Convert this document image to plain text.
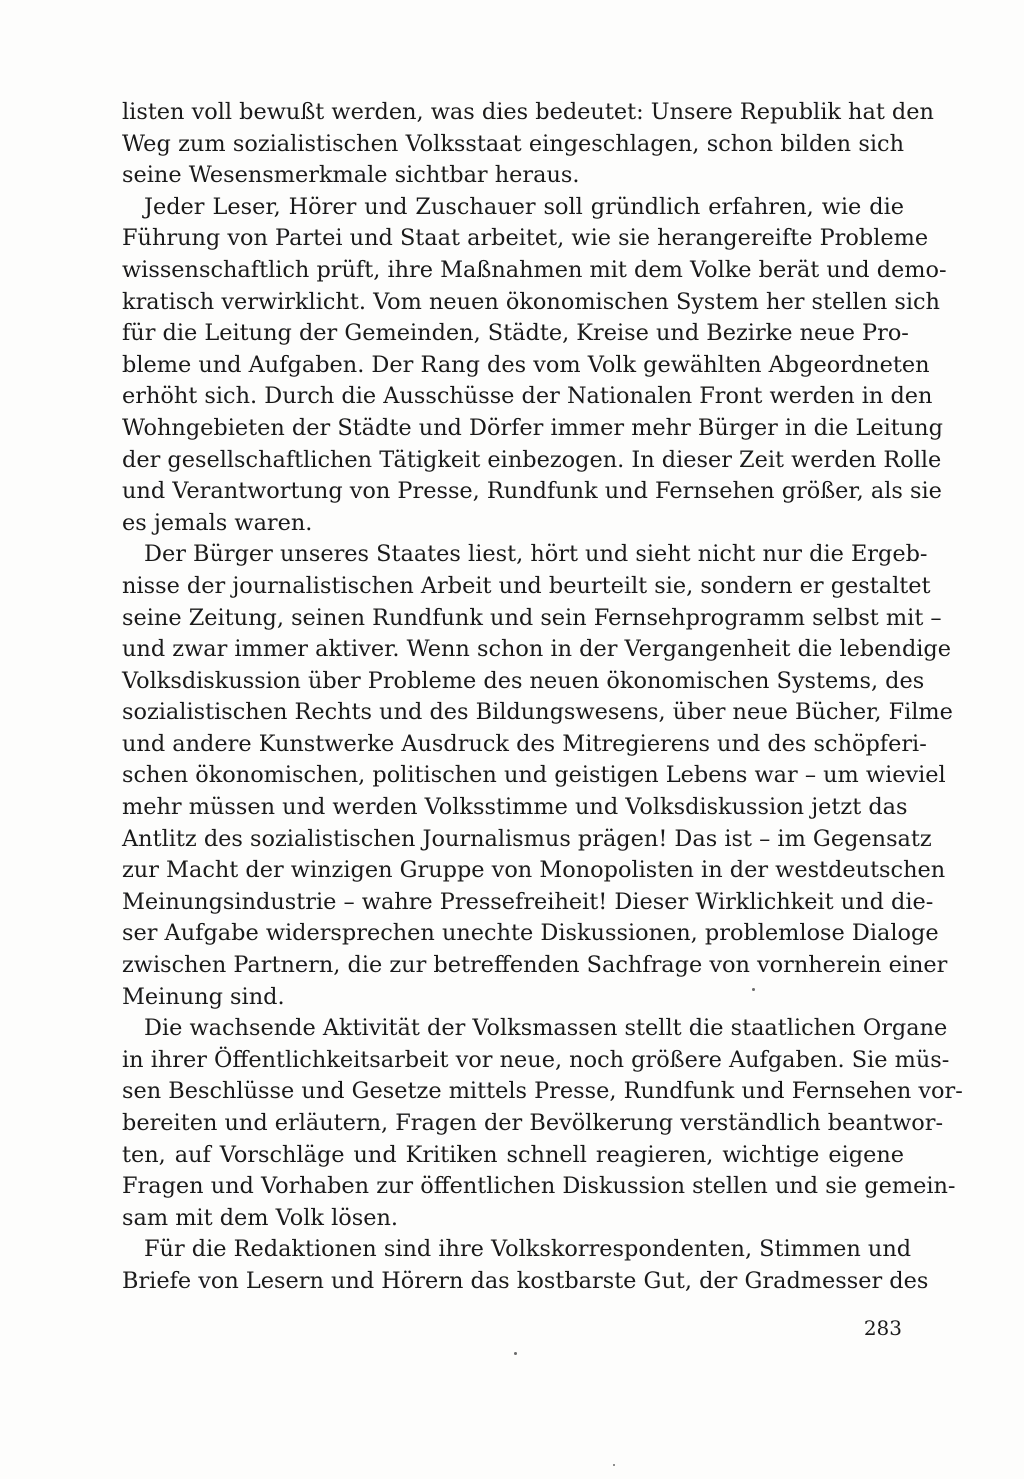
listen voll bewußt werden, was dies bedeutet: Unsere Republik hat den
Weg zum sozialistischen Volksstaat eingeschlagen, schon bilden sich
seine Wesensmerkmale sichtbar heraus.
Jeder Leser, Hörer und Zuschauer soll gründlich erfahren, wie die
Führung von Partei und Staat arbeitet, wie sie herangereifte Probleme
wissenschaftlich prüft, ihre Maßnahmen mit dem Volke berät und demo-
kratisch verwirklicht. Vom neuen ökonomischen System her stellen sich
für die Leitung der Gemeinden, Städte, Kreise und Bezirke neue Pro-
bleme und Aufgaben. Der Rang des vom Volk gewählten Abgeordneten
erhöht sich. Durch die Ausschüsse der Nationalen Front werden in den
Wohngebieten der Städte und Dörfer immer mehr Bürger in die Leitung
der gesellschaftlichen Tätigkeit einbezogen. In dieser Zeit werden Rolle
und Verantwortung von Presse, Rundfunk und Fernsehen größer, als sie
es jemals waren.
Der Bürger unseres Staates liest, hört und sieht nicht nur die Ergeb-
nisse der journalistischen Arbeit und beurteilt sie, sondern er gestaltet
seine Zeitung, seinen Rundfunk und sein Fernsehprogramm selbst mit –
und zwar immer aktiver. Wenn schon in der Vergangenheit die lebendige
Volksdiskussion über Probleme des neuen ökonomischen Systems, des
sozialistischen Rechts und des Bildungswesens, über neue Bücher, Filme
und andere Kunstwerke Ausdruck des Mitregierens und des schöpferi-
schen ökonomischen, politischen und geistigen Lebens war – um wieviel
mehr müssen und werden Volksstimme und Volksdiskussion jetzt das
Antlitz des sozialistischen Journalismus prägen! Das ist – im Gegensatz
zur Macht der winzigen Gruppe von Monopolisten in der westdeutschen
Meinungsindustrie – wahre Pressefreiheit! Dieser Wirklichkeit und die-
ser Aufgabe widersprechen unechte Diskussionen, problemlose Dialoge
zwischen Partnern, die zur betreffenden Sachfrage von vornherein einer
Meinung sind.
Die wachsende Aktivität der Volksmassen stellt die staatlichen Organe
in ihrer Öffentlichkeitsarbeit vor neue, noch größere Aufgaben. Sie müs-
sen Beschlüsse und Gesetze mittels Presse, Rundfunk und Fernsehen vor-
bereiten und erläutern, Fragen der Bevölkerung verständlich beantwor-
ten, auf Vorschläge und Kritiken schnell reagieren, wichtige eigene
Fragen und Vorhaben zur öffentlichen Diskussion stellen und sie gemein-
sam mit dem Volk lösen.
Für die Redaktionen sind ihre Volkskorrespondenten, Stimmen und
Briefe von Lesern und Hörern das kostbarste Gut, der Gradmesser des
283
